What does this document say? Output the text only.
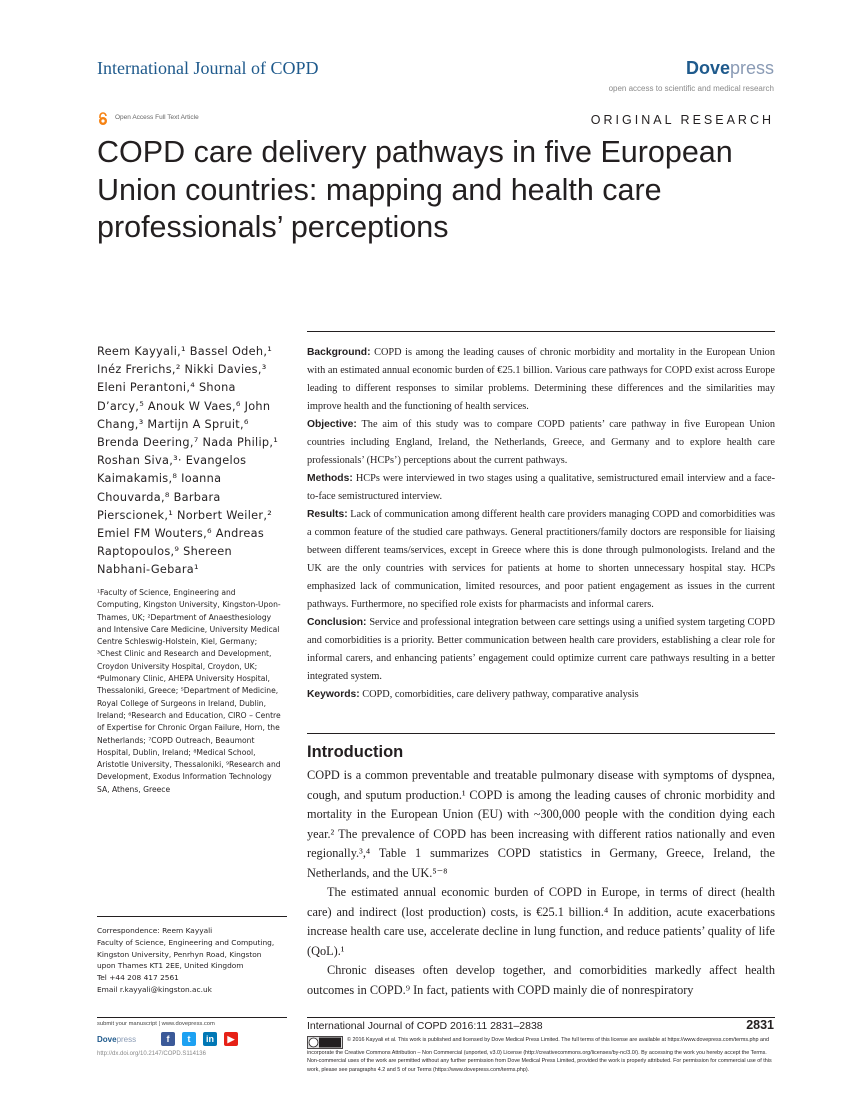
International Journal of COPD	Dovepress
open access to scientific and medical research
Open Access Full Text Article	ORIGINAL RESEARCH
COPD care delivery pathways in five European Union countries: mapping and health care professionals’ perceptions
Reem Kayyali,¹ Bassel Odeh,¹ Inéz Frerichs,² Nikki Davies,³ Eleni Perantoni,⁴ Shona D’arcy,⁵ Anouk W Vaes,⁶ John Chang,³ Martijn A Spruit,⁶ Brenda Deering,⁷ Nada Philip,¹ Roshan Siva,³· Evangelos Kaimakamis,⁸ Ioanna Chouvarda,⁸ Barbara Pierscionek,¹ Norbert Weiler,² Emiel FM Wouters,⁶ Andreas Raptopoulos,⁹ Shereen Nabhani-Gebara¹
¹Faculty of Science, Engineering and Computing, Kingston University, Kingston-Upon-Thames, UK; ²Department of Anaesthesiology and Intensive Care Medicine, University Medical Centre Schleswig-Holstein, Kiel, Germany; ³Chest Clinic and Research and Development, Croydon University Hospital, Croydon, UK; ⁴Pulmonary Clinic, AHEPA University Hospital, Thessaloniki, Greece; ⁵Department of Medicine, Royal College of Surgeons in Ireland, Dublin, Ireland; ⁶Research and Education, CIRO – Centre of Expertise for Chronic Organ Failure, Horn, the Netherlands; ⁷COPD Outreach, Beaumont Hospital, Dublin, Ireland; ⁸Medical School, Aristotle University, Thessaloniki, ⁹Research and Development, Exodus Information Technology SA, Athens, Greece
Correspondence: Reem Kayyali
Faculty of Science, Engineering and Computing,
Kingston University, Penrhyn Road, Kingston
upon Thames KT1 2EE, United Kingdom
Tel +44 208 417 2561
Email r.kayyali@kingston.ac.uk

Background: COPD is among the leading causes of chronic morbidity and mortality in the European Union with an estimated annual economic burden of €25.1 billion. Various care pathways for COPD exist across Europe leading to different responses to similar problems. Determining these differences and the similarities may improve health and the functioning of health services.

Objective: The aim of this study was to compare COPD patients’ care pathway in five European Union countries including England, Ireland, the Netherlands, Greece, and Germany and to explore health care professionals’ (HCPs’) perceptions about the current pathways.

Methods: HCPs were interviewed in two stages using a qualitative, semistructured email interview and a face-to-face semistructured interview.

Results: Lack of communication among different health care providers managing COPD and comorbidities was a common feature of the studied care pathways. General practitioners/family doctors are responsible for liaising between different teams/services, except in Greece where this is done through pulmonologists. Ireland and the UK are the only countries with services for patients at home to shorten unnecessary hospital stay. HCPs emphasized lack of communication, limited resources, and poor patient engagement as issues in the current pathways. Furthermore, no specified role exists for pharmacists and informal carers.

Conclusion: Service and professional integration between care settings using a unified system targeting COPD and comorbidities is a priority. Better communication between health care providers, establishing a clear role for informal carers, and enhancing patients’ engagement could optimize current care pathways resulting in a better integrated system.

Keywords: COPD, comorbidities, care delivery pathway, comparative analysis

Introduction

COPD is a common preventable and treatable pulmonary disease with symptoms of dyspnea, cough, and sputum production.¹ COPD is among the leading causes of chronic morbidity and mortality in the European Union (EU) with ~300,000 people with the condition dying each year.² The prevalence of COPD has been increasing with different ratios nationally and even regionally.³,⁴ Table 1 summarizes COPD statistics in Germany, Greece, Ireland, the Netherlands, and the UK.⁵⁻⁸

The estimated annual economic burden of COPD in Europe, in terms of direct (health care) and indirect (lost production) costs, is €25.1 billion.⁴ In addition, acute exacerbations increase health care use, accelerate decline in lung function, and reduce patients’ quality of life (QoL).¹

Chronic diseases often develop together, and comorbidities markedly affect health outcomes in COPD.⁹ In fact, patients with COPD mainly die of nonrespiratory

submit your manuscript | www.dovepress.com
Dovepress	f	t	in	▶
http://dx.doi.org/10.2147/COPD.S114136
International Journal of COPD 2016:11 2831–2838	2831
© 2016 Kayyali et al. This work is published and licensed by Dove Medical Press Limited. The full terms of this license are available at https://www.dovepress.com/terms.php and incorporate the Creative Commons Attribution – Non Commercial (unported, v3.0) License (http://creativecommons.org/licenses/by-nc/3.0/). By accessing the work you hereby accept the Terms. Non-commercial uses of the work are permitted without any further permission from Dove Medical Press Limited, provided the work is properly attributed. For permission for commercial use of this work, please see paragraphs 4.2 and 5 of our Terms (https://www.dovepress.com/terms.php).
